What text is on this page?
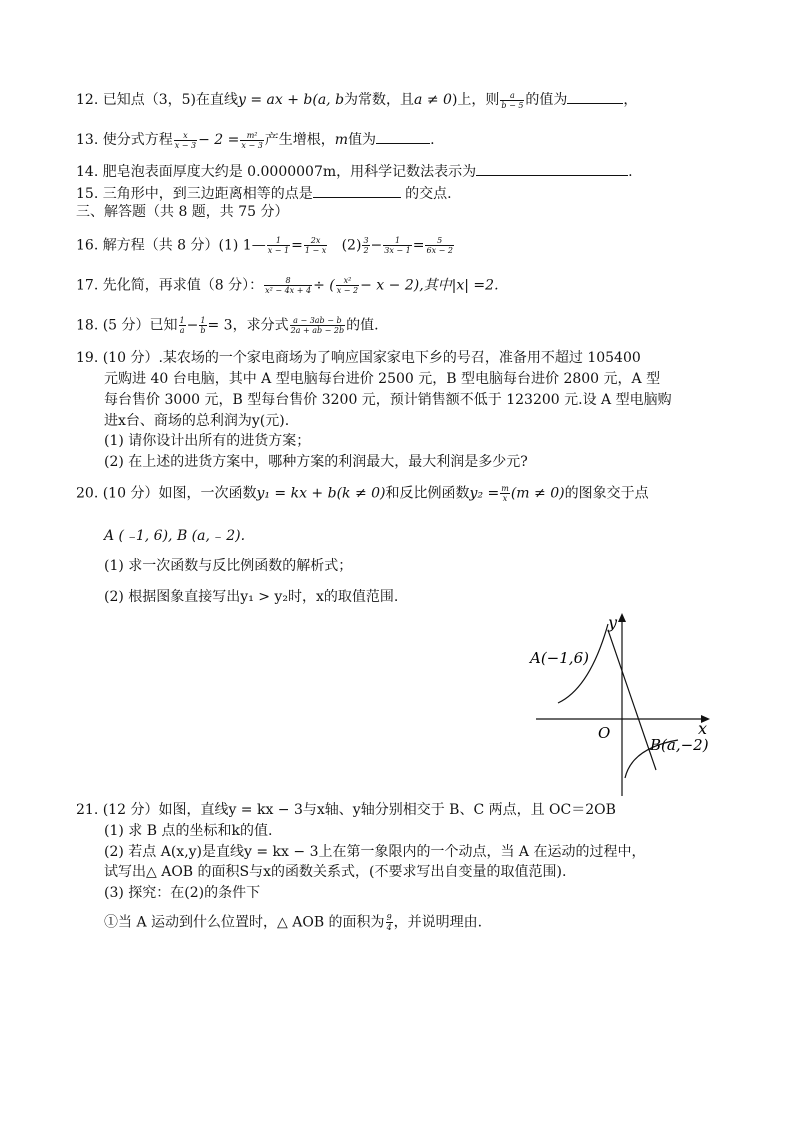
12. 已知点（3，5)在直线y = ax + b(a, b为常数，且a ≠ 0)上，则 $\frac{a}{b - 5}$ 的值为	，
13. 使分式方程 $\frac{x}{x - 3} - 2 = \frac{\text{m²}}{x - 3}$ 产生增根，m值为	.
14. 肥皂泡表面厚度大约是 0.0000007m，用科学记数法表示为	.
15. 三角形中，到三边距离相等的点是	的交点.
三、解答题（共 8 题，共 75 分）
16. 解方程（共 8 分）(1) 1— $\frac{1}{x - 1} = \frac{2x}{1 - x} (2) \frac{3}{2} - \frac{1}{3x - 1} = \frac{5}{6x - 2}$
17. 先化简，再求值（8 分）： $\frac{8}{\text{x² − 4x + 4}}$ ÷ ( $\frac{\text{x²}}{x - 2} - x - 2$),其中|x| =2.
18. (5 分）已知 $\frac{1}{a} - \frac{1}{b} = 3$，求分式 $\frac{a - 3ab - b}{2a + ab - 2b}$ 的值.
19. (10 分）.某农场的一个家电商场为了响应国家家电下乡的号召，准备用不超过 105400
元购进 40 台电脑，其中 A 型电脑每台进价 2500 元，B 型电脑每台进价 2800 元，A 型
每台售价 3000 元，B 型每台售价 3200 元，预计销售额不低于 123200 元.设 A 型电脑购
进x台、商场的总利润为y(元).
(1) 请你设计出所有的进货方案；
(2) 在上述的进货方案中，哪种方案的利润最大，最大利润是多少元?
20. (10 分）如图，一次函数y₁ = kx + b(k ≠ 0)和反比例函数$y_2 = \frac{m}{x} (m \ne 0)$的图象交于点
A ( ₋1, 6), B (a, ₋ 2).
(1) 求一次函数与反比例函数的解析式；
(2) 根据图象直接写出y₁ > y₂时，x的取值范围.
y
x
O
A(−1,6)
B(a,−2)
21. (12 分）如图，直线y = kx − 3与x轴、y轴分别相交于 B、C 两点，且 OC＝2OB
(1) 求 B 点的坐标和k的值.
(2) 若点 A(x,y)是直线y = kx − 3上在第一象限内的一个动点，当 A 在运动的过程中，
试写出△ AOB 的面积S与x的函数关系式，(不要求写出自变量的取值范围).
(3) 探究：在(2)的条件下
①当 A 运动到什么位置时，△ AOB 的面积为 $\frac{9}{4}$ ，并说明理由.
